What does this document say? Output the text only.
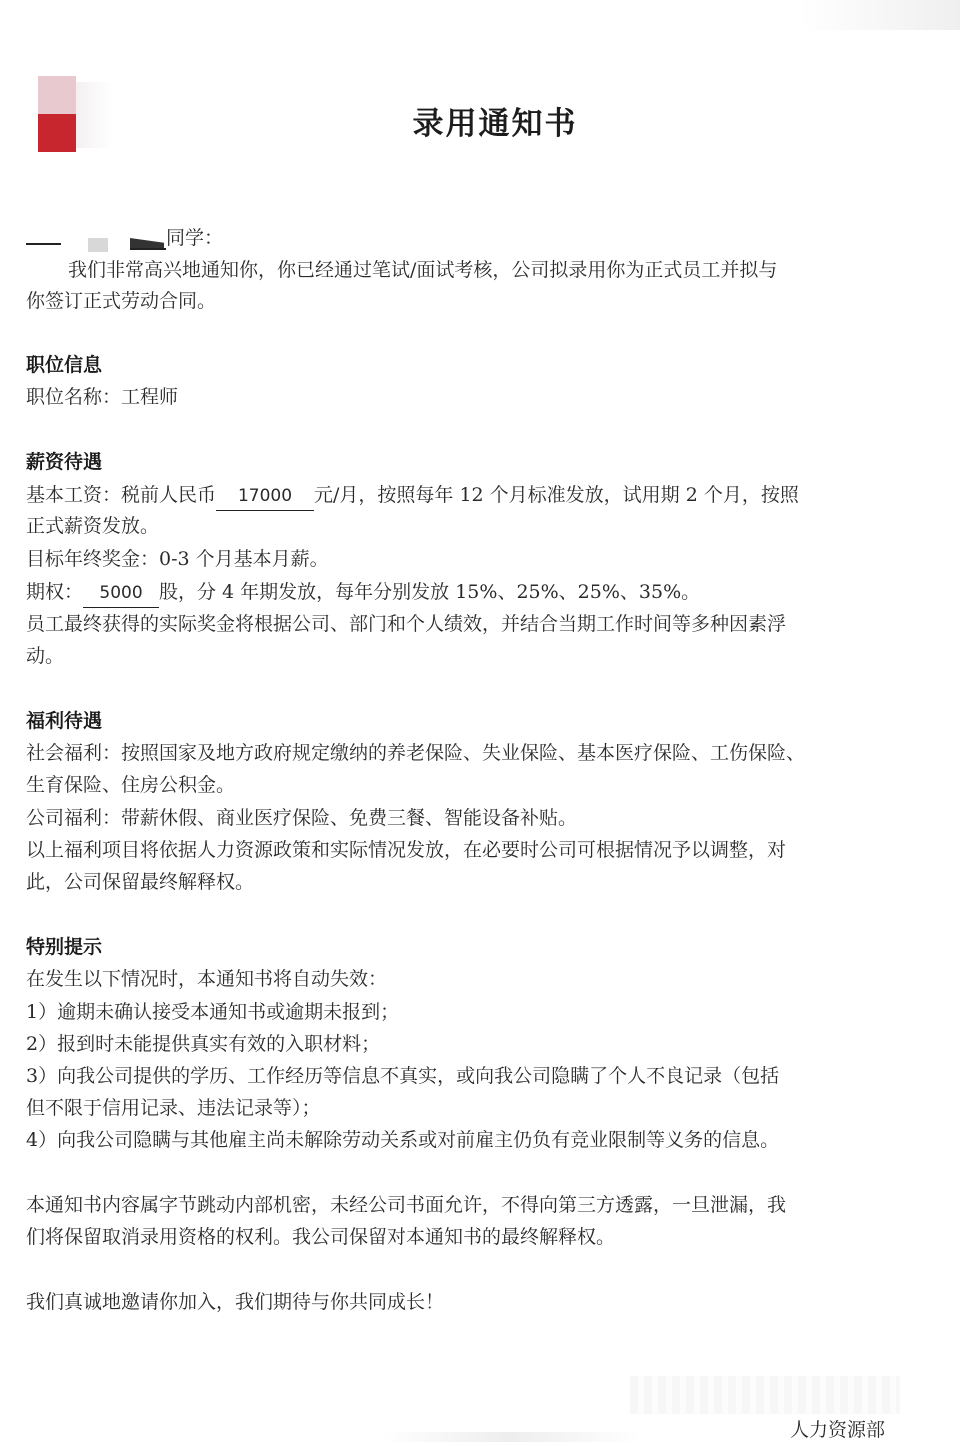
录用通知书
同学：
我们非常高兴地通知你，你已经通过笔试/面试考核，公司拟录用你为正式员工并拟与
你签订正式劳动合同。
职位信息
职位名称：工程师
薪资待遇
基本工资：税前人民币 17000 元/月，按照每年 12 个月标准发放，试用期 2 个月，按照
正式薪资发放。
目标年终奖金：0-3 个月基本月薪。
期权： 5000 股，分 4 年期发放，每年分别发放 15%、25%、25%、35%。
员工最终获得的实际奖金将根据公司、部门和个人绩效，并结合当期工作时间等多种因素浮
动。
福利待遇
社会福利：按照国家及地方政府规定缴纳的养老保险、失业保险、基本医疗保险、工伤保险、
生育保险、住房公积金。
公司福利：带薪休假、商业医疗保险、免费三餐、智能设备补贴。
以上福利项目将依据人力资源政策和实际情况发放，在必要时公司可根据情况予以调整，对
此，公司保留最终解释权。
特别提示
在发生以下情况时，本通知书将自动失效：
1）逾期未确认接受本通知书或逾期未报到；
2）报到时未能提供真实有效的入职材料；
3）向我公司提供的学历、工作经历等信息不真实，或向我公司隐瞒了个人不良记录（包括
但不限于信用记录、违法记录等）；
4）向我公司隐瞒与其他雇主尚未解除劳动关系或对前雇主仍负有竞业限制等义务的信息。
本通知书内容属字节跳动内部机密，未经公司书面允许，不得向第三方透露，一旦泄漏，我
们将保留取消录用资格的权利。我公司保留对本通知书的最终解释权。
我们真诚地邀请你加入，我们期待与你共同成长！
人力资源部
